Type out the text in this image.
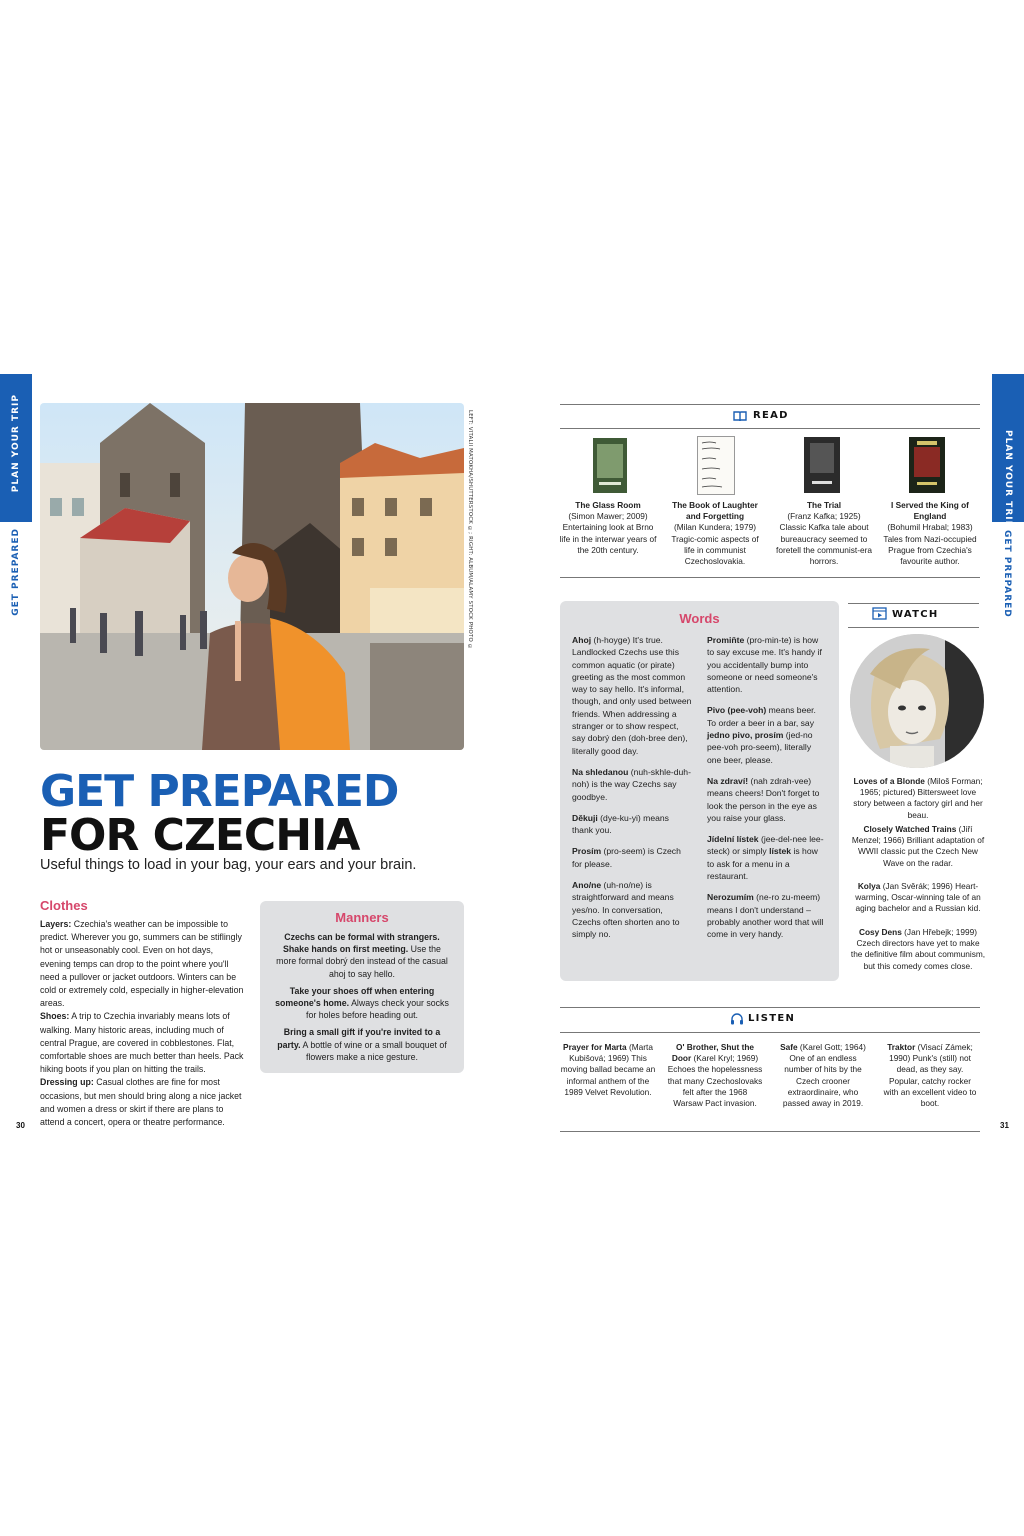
PLAN YOUR TRIP
GET PREPARED
PLAN YOUR TRIP
GET PREPARED
LEFT: VITALII MATOKHA/SHUTTERSTOCK ©; RIGHT: ALBUM/ALAMY STOCK PHOTO ©
GET PREPARED
FOR CZECHIA
Useful things to load in your bag, your ears and your brain.
Clothes
Layers: Czechia's weather can be impossible to predict. Wherever you go, summers can be stiflingly hot or unseasonably cool. Even on hot days, evening temps can drop to the point where you'll need a pullover or jacket outdoors. Winters can be cold or extremely cold, especially in higher-elevation areas.
Shoes: A trip to Czechia invariably means lots of walking. Many historic areas, including much of central Prague, are covered in cobblestones. Flat, comfortable shoes are much better than heels. Pack hiking boots if you plan on hitting the trails.
Dressing up: Casual clothes are fine for most occasions, but men should bring along a nice jacket and women a dress or skirt if there are plans to attend a concert, opera or theatre performance.
Manners
Czechs can be formal with strangers. Shake hands on first meeting. Use the more formal dobrý den instead of the casual ahoj to say hello.
Take your shoes off when entering someone's home. Always check your socks for holes before heading out.
Bring a small gift if you're invited to a party. A bottle of wine or a small bouquet of flowers make a nice gesture.
30
READ
The Glass Room
(Simon Mawer; 2009)
Entertaining look at Brno life in the interwar years of the 20th century.
The Book of Laughter and Forgetting
(Milan Kundera; 1979)
Tragic-comic aspects of life in communist Czechoslovakia.
The Trial
(Franz Kafka; 1925)
Classic Kafka tale about bureaucracy seemed to foretell the communist-era horrors.
I Served the King of England
(Bohumil Hrabal; 1983)
Tales from Nazi-occupied Prague from Czechia's favourite author.
Words

Ahoj (h-hoyge) It's true. Landlocked Czechs use this common aquatic (or pirate) greeting as the most common way to say hello. It's informal, though, and only used between friends. When addressing a stranger or to show respect, say dobrý den (doh-bree den), literally good day.

Na shledanou (nuh-skhle-duh-noh) is the way Czechs say goodbye.

Děkuji (dye-ku-yi) means thank you.

Prosím (pro-seem) is Czech for please.

Ano/ne (uh-no/ne) is straightforward and means yes/no. In conversation, Czechs often shorten ano to simply no.

Promiňte (pro-min-te) is how to say excuse me. It's handy if you accidentally bump into someone or need someone's attention.

Pivo (pee-voh) means beer. To order a beer in a bar, say jedno pivo, prosím (jed-no pee-voh pro-seem), literally one beer, please.

Na zdraví! (nah zdrah-vee) means cheers! Don't forget to look the person in the eye as you raise your glass.

Jídelní lístek (jee-del-nee lee-steck) or simply lístek is how to ask for a menu in a restaurant.

Nerozumím (ne-ro zu-meem) means I don't understand – probably another word that will come in very handy.

WATCH
Loves of a Blonde (Miloš Forman; 1965; pictured) Bittersweet love story between a factory girl and her beau.
Closely Watched Trains (Jiří Menzel; 1966) Brilliant adaptation of WWII classic put the Czech New Wave on the radar.
Kolya (Jan Svěrák; 1996) Heart-warming, Oscar-winning tale of an aging bachelor and a Russian kid.
Cosy Dens (Jan Hřebejk; 1999) Czech directors have yet to make the definitive film about communism, but this comedy comes close.
LISTEN
Prayer for Marta (Marta Kubišová; 1969) This moving ballad became an informal anthem of the 1989 Velvet Revolution.
O' Brother, Shut the Door (Karel Kryl; 1969) Echoes the hopelessness that many Czechoslovaks felt after the 1968 Warsaw Pact invasion.
Safe (Karel Gott; 1964) One of an endless number of hits by the Czech crooner extraordinaire, who passed away in 2019.
Traktor (Visací Zámek; 1990) Punk's (still) not dead, as they say. Popular, catchy rocker with an excellent video to boot.
31
